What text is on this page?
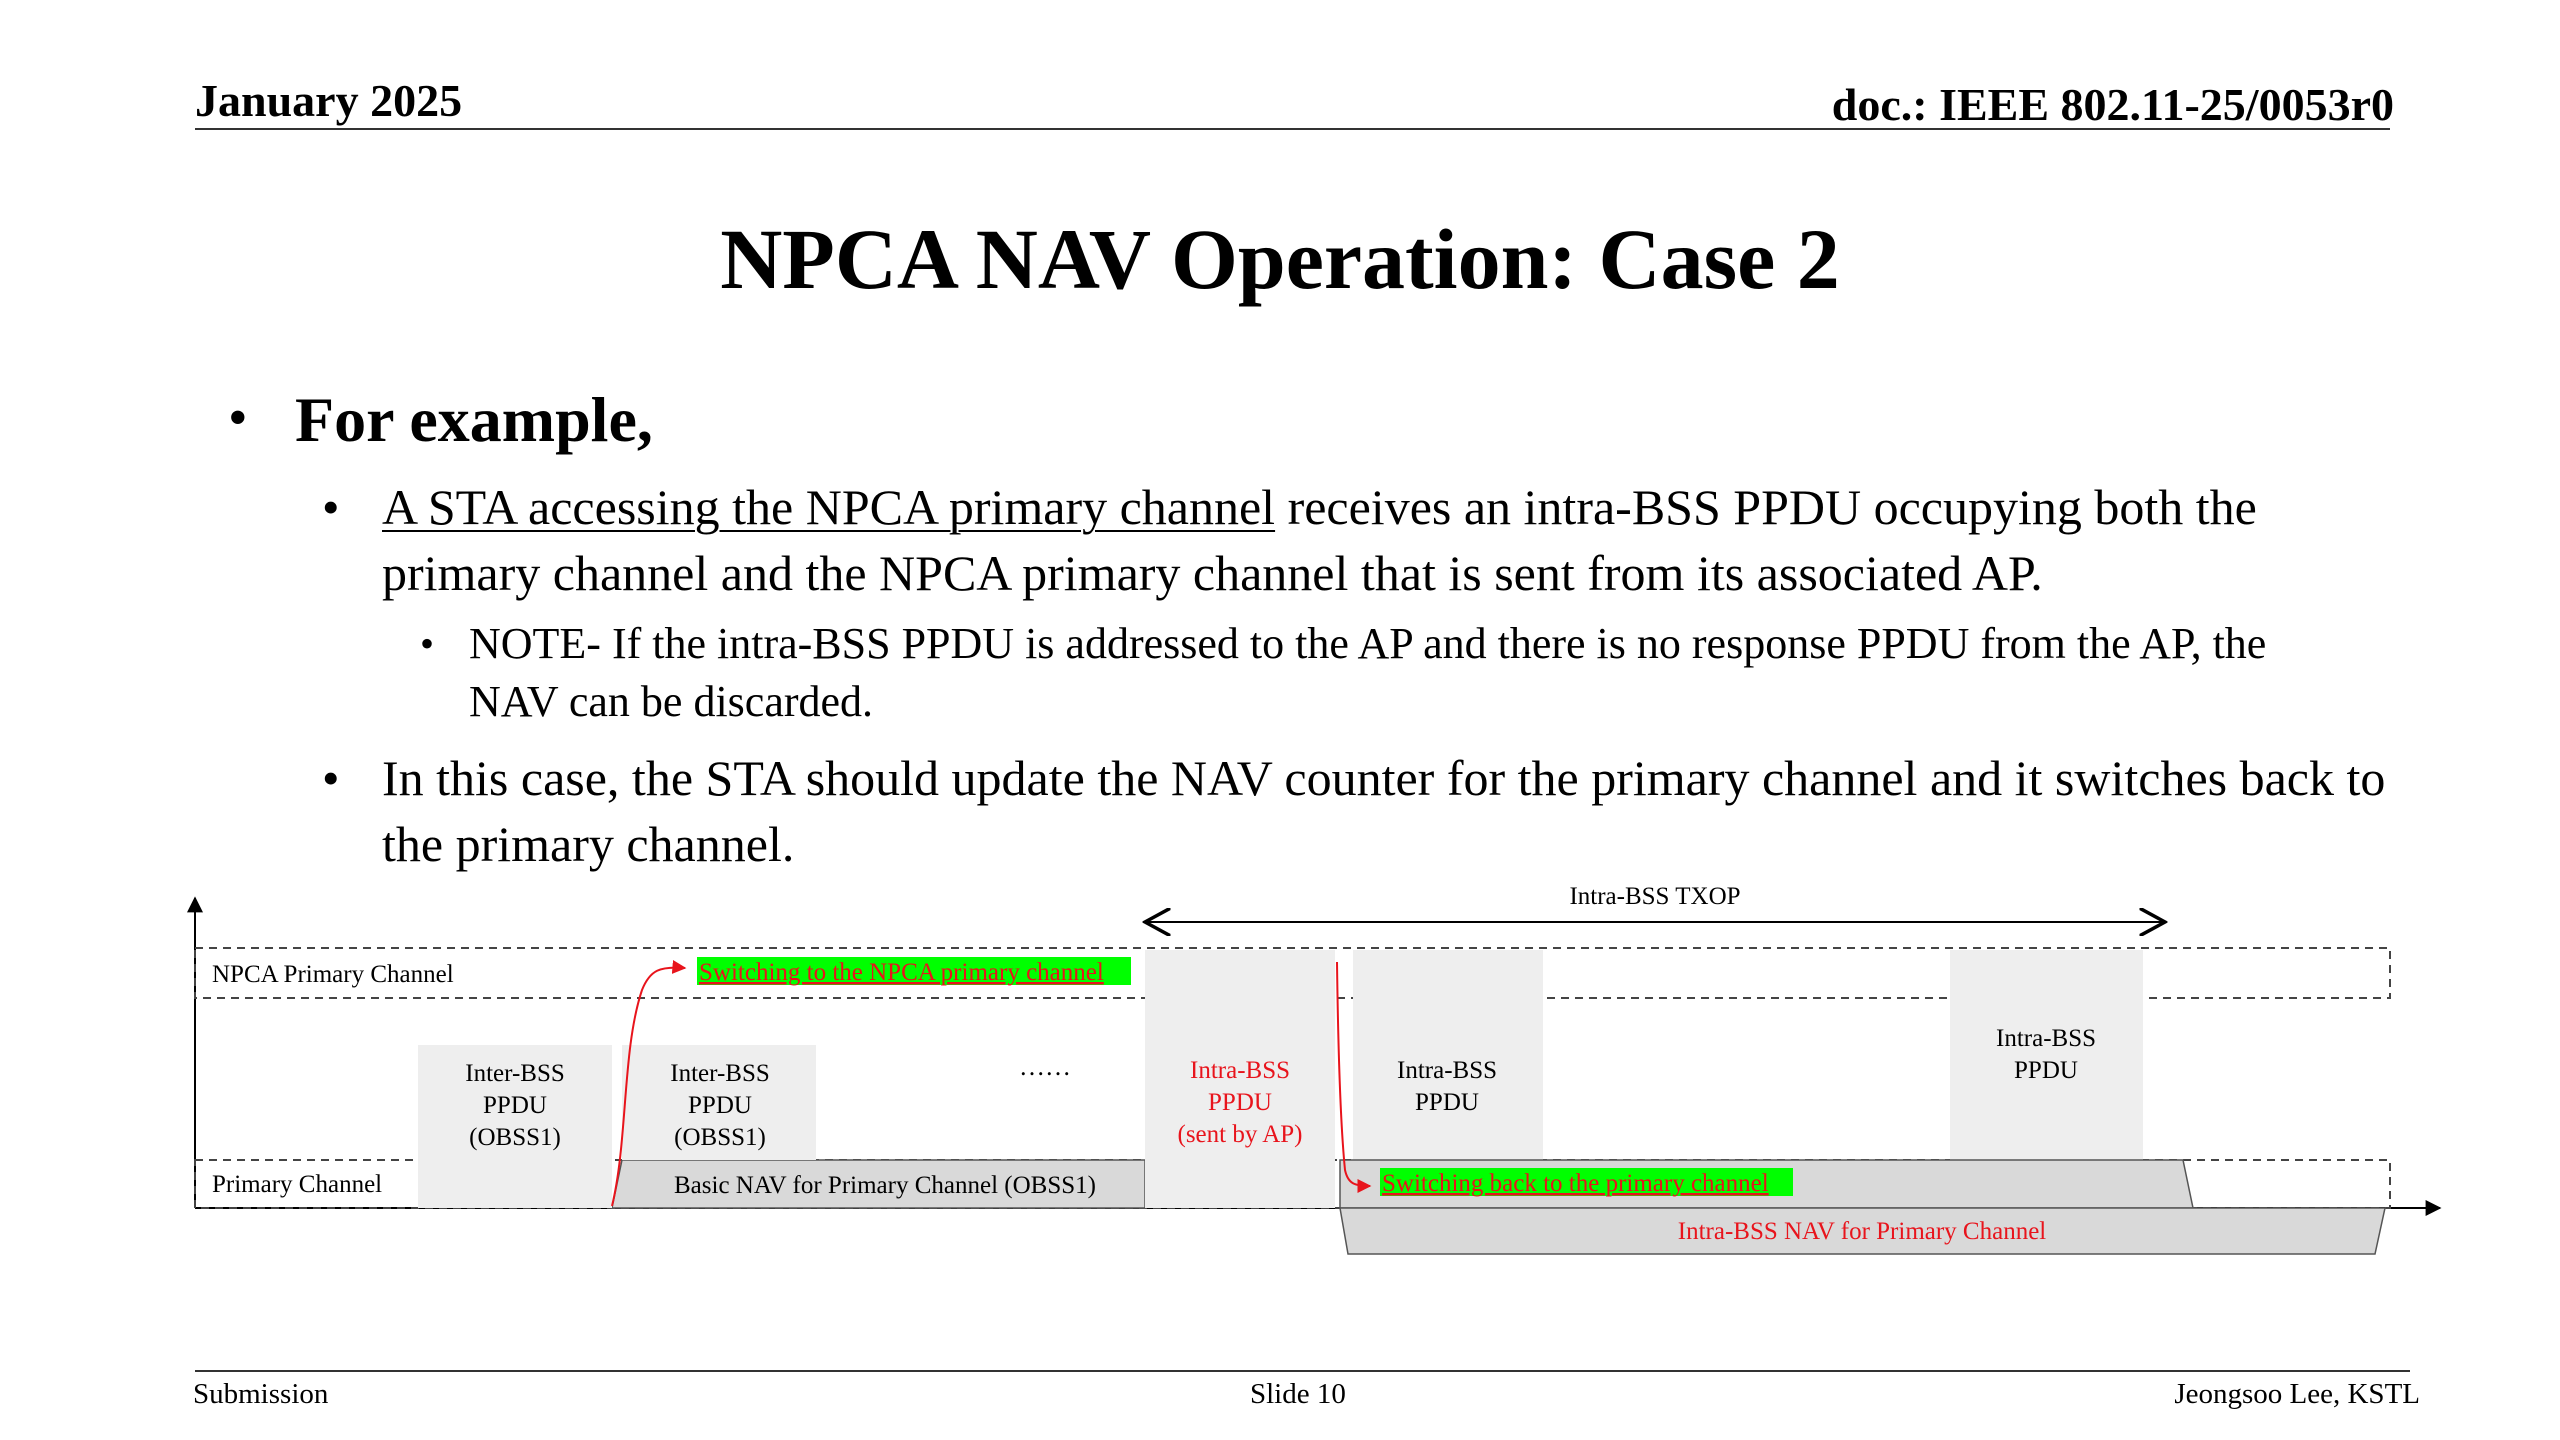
January 2025	doc.: IEEE 802.11-25/0053r0
NPCA NAV Operation: Case 2
• For example,
• A STA accessing the NPCA primary channel receives an intra-BSS PPDU occupying both the primary channel and the NPCA primary channel that is sent from its associated AP.
• NOTE- If the intra-BSS PPDU is addressed to the AP and there is no response PPDU from the AP, the NAV can be discarded.
• In this case, the STA should update the NAV counter for the primary channel and it switches back to the primary channel.
NPCA Primary Channel
Primary Channel
Intra-BSS TXOP
Basic NAV for Primary Channel (OBSS1)
Inter-BSS
PPDU
(OBSS1)
Inter-BSS
PPDU
(OBSS1)
……	Intra-BSS
PPDU
(sent by AP)
Intra-BSS
PPDU
Intra-BSS
PPDU
Intra-BSS NAV for Primary Channel
Switching to the NPCA primary channel
Switching back to the primary channel
Submission	Slide 10	Jeongsoo Lee, KSTL
